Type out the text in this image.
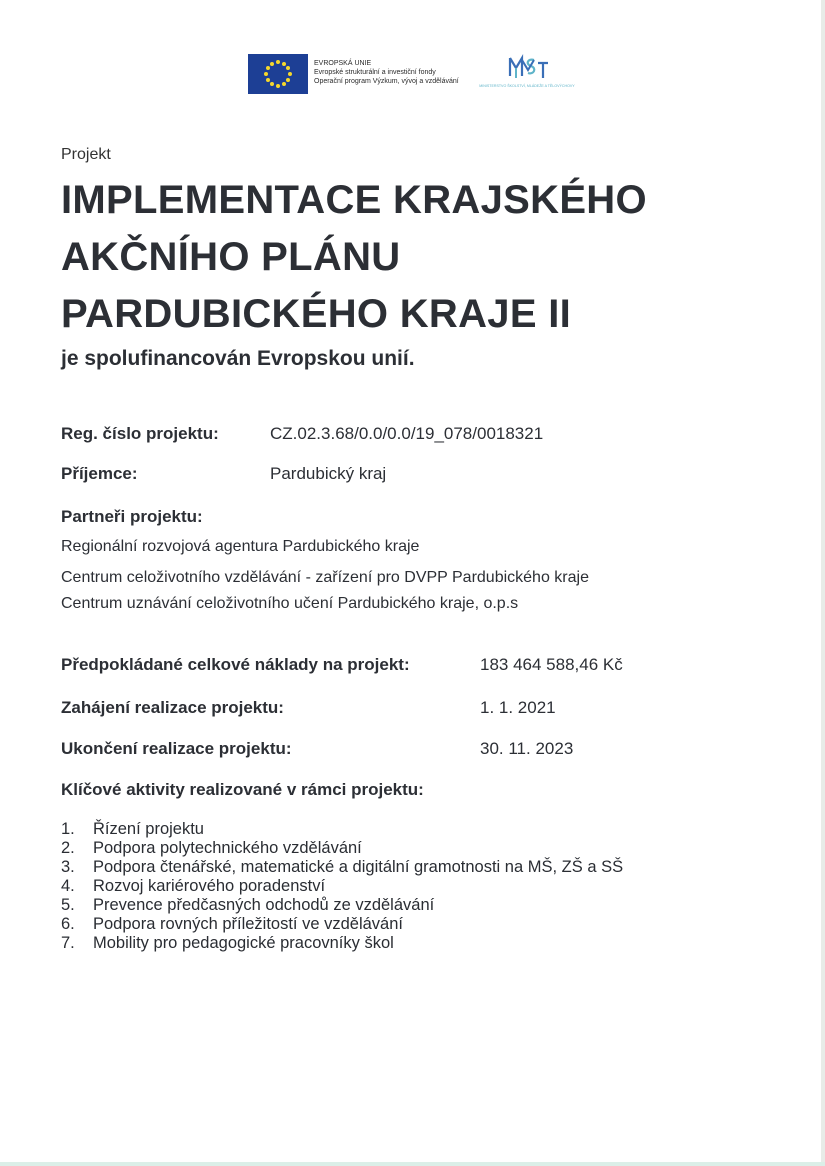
EVROPSKÁ UNIE
Evropské strukturální a investiční fondy
Operační program Výzkum, vývoj a vzdělávání
MINISTERSTVO ŠKOLSTVÍ, MLÁDEŽE A TĚLOVÝCHOVY
Projekt
IMPLEMENTACE KRAJSKÉHO
AKČNÍHO PLÁNU
PARDUBICKÉHO KRAJE II
je spolufinancován Evropskou unií.
Reg. číslo projektu:	CZ.02.3.68/0.0/0.0/19_078/0018321
Příjemce:	Pardubický kraj
Partneři projektu:
Regionální rozvojová agentura Pardubického kraje
Centrum celoživotního vzdělávání - zařízení pro DVPP Pardubického kraje
Centrum uznávání celoživotního učení Pardubického kraje, o.p.s
Předpokládané celkové náklady na projekt:	183 464 588,46 Kč
Zahájení realizace projektu:	1. 1. 2021
Ukončení realizace projektu:	30. 11. 2023
Klíčové aktivity realizované v rámci projektu:
1.	Řízení projektu
2.	Podpora polytechnického vzdělávání
3.	Podpora čtenářské, matematické a digitální gramotnosti na MŠ, ZŠ a SŠ
4.	Rozvoj kariérového poradenství
5.	Prevence předčasných odchodů ze vzdělávání
6.	Podpora rovných příležitostí ve vzdělávání
7.	Mobility pro pedagogické pracovníky škol
